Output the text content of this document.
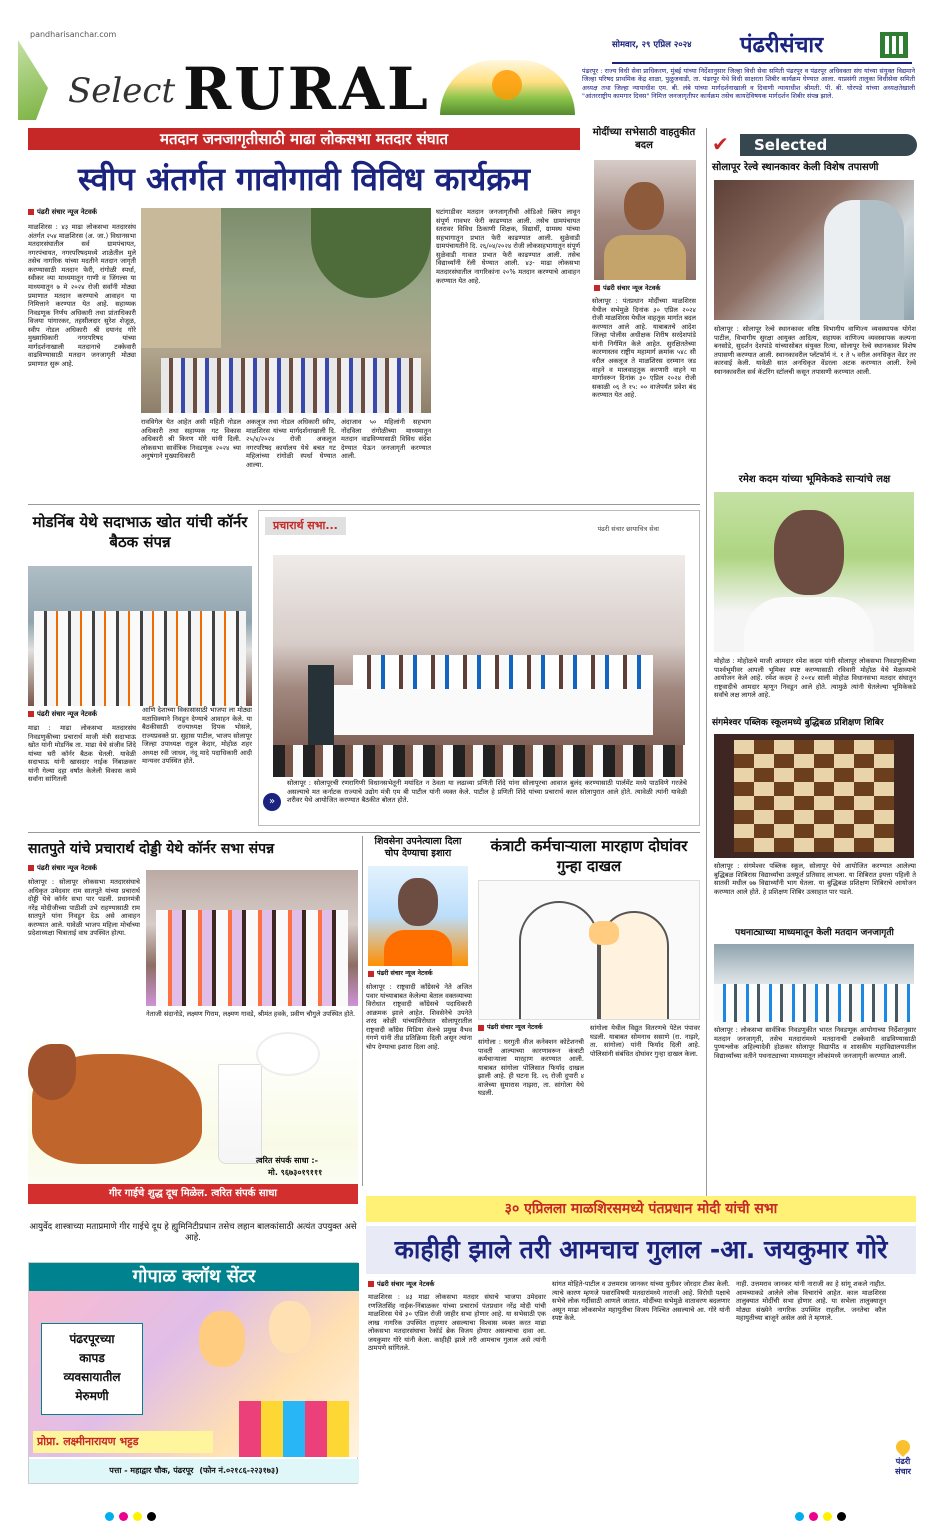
pandharisanchar.com
Select RURAL
सोमवार, २९ एप्रिल २०२४ पंढरीसंचार
पंढरपूर : राज्य विधी सेवा प्राधिकरण, मुंबई यांच्या निर्देशानुसार जिल्हा विधी सेवा समिती पंढरपूर व पंढरपूर अधिवक्ता संघ यांच्या संयुक्त विद्यमाने जिल्हा परिषद प्राथमिक केंद्र शाळा, पुळुजवाडी, ता. पंढरपूर येथे विधी साक्षरता शिबीर कार्यक्रम घेण्यात आला. याप्रसंगी तालुका विधीसेवा समिती अध्यक्ष तथा जिल्हा न्यायाधीश एम. बी. लंबे यांच्या मार्गदर्शनाखाली व दिवाणी न्यायाधीश श्रीमती. पी. बी. घोरपडे यांच्या अध्यक्षतेखाली "आंतरराष्ट्रीय कामगार दिवस" निमित्त जनजागृतीपर कार्यक्रम तसेच कायदेविषयक मार्गदर्शन शिबीर संपन्न झाले.
मतदान जनजागृतीसाठी माढा लोकसभा मतदार संघात
स्वीप अंतर्गत गावोगावी विविध कार्यक्रम
पंढरी संचार न्यूज नेटवर्क
माळशिरस : ४३ माढा लोकसभा मतदारसंघ अंतर्गत २५४ माळशिरस (अ. जा.) विधानसभा मतदारसंघातील सर्व ग्रामपंचायत, नगरपंचायत, नगरपरिषदमध्ये शाळेतील मुले तसेच नागरिक यांच्या मदतीने मतदान जागृती करण्यासाठी मतदान फेरी, रांगोळी स्पर्धा, स्वीकर व्या माध्यमातून गाणी व जिंगल्स या माध्यमातून ७ मे २०२४ रोजी सर्वांनी मोठ्या प्रमाणात मतदान करण्याचे आवाहन या निमित्ताने करण्यात येत आहे. सहाय्यक निवडणूक निर्णय अधिकारी तथा प्रांताधिकारी विजया पांगारकर, तहसीलदार सुरेश शेजूळ, स्वीप नोडल अधिकारी श्री दयानंद गोरे मुख्याधिकारी नगरपरिषद यांच्या मार्गदर्शनाखाली मतदानाचे टक्केवारी वाढविण्यासाठी मतदान जनजागृती मोठ्या प्रमाणात सुरू आहे.
रावविगेल येत आहेत असी महिती नोडल अधिकारी तथा सहाय्यक गट विकास अधिकारी श्री किरण मोरे यांनी दिली. लोकसभा सार्वत्रिक निवडणूक २०२४ च्या अनुषंगाने मुख्याधिकारी
अकलूज तथा नोडल अधिकारी स्वीप, माळशिरस यांच्या मार्गदर्शनाखाली दि. २५/४/२०२४ रोजी अकलूज नगरपरिषद कार्यालय येथे बचत गट महिलांच्या रांगोळी स्पर्धा घेण्यात आल्या.
अंदाजाव ५० महिलांनी सहभाग नोंदविला रांगोळीच्या माध्यमातून मतदान वाढविण्यासाठी विविध संदेश देण्यात येऊन जनजागृती करण्यात आली.
घटांगाडीवर मतदान जनजागृतीची ऑडिओ क्लिप लावून संपूर्ण गावभर फेरी काढण्यात आली. तसेच ग्रामपंचायत स्तरावर विविध ठिकाणी शिक्षक, विद्यार्थी, ग्रामस्थ यांच्या सहभागातून प्रभात फेरी काढण्यात आली. सुळेवाडी ग्रामपंचायतीने दि. २६/०४/२०२४ रोजी लोकसहभागातून संपूर्ण सुळेवाडी गावात प्रभात फेरी काढण्यात आली. तसेच विद्यार्थ्यांनी रॅली घेण्यात आली. ४३- माढा लोकसभा मतदारसंघातील नागरिकांना २०% मतदान करण्याचे आवाहन करण्यात येत आहे.
मोदींच्या सभेसाठी वाहतुकीत बदल
पंढरी संचार न्यूज नेटवर्क
सोलापूर : पंतप्रधान मोदींच्या माळशिरस येथील सभेमुळे दिनांक ३० एप्रिल २०२४ रोजी माळशिरस येथील वाहतूक मार्गात बदल करण्यात आले आहे. याबाबतचे आदेश जिल्हा पोलीस अधीक्षक शिरीष सरदेशपांडे यांनी निर्गमित केले आहेत. सुरक्षिततेच्या कारणास्तव राष्ट्रीय महामार्ग क्रमांक ५४८ सी वरील अकलूज ते माळशिरस दरम्यान जड वाहने व मालवाहतूक करणारी वाहने या मार्गावरून दिनांक ३० एप्रिल २०२४ रोजी सकाळी ०६ ते १५: ०० वाजेपर्यंत प्रवेश बंद करण्यात येत आहे.
✔	Selected
सोलापूर रेल्वे स्थानकावर केली विशेष तपासणी
सोलापूर : सोलापूर रेल्वे स्थानकावर वरिष्ठ विभागीय वाणिज्य व्यवस्थापक योगेश पाटील, विभागीय सुरक्षा आयुक्त आदित्य, सहायक वाणिज्य व्यवस्थापक कल्पना बनसोडे, सुदर्शन देशपांडे यांच्यासोबत संयुक्त रित्या, सोलापूर रेल्वे स्थानकावर विशेष तपासणी करण्यात आली. स्थानकावरील प्लॅटफॉर्म नं. १ ते ५ वरील अनधिकृत वेंडर तर कारवाई केली. यावेळी सात अनधिकृत वेंडरला अटक करण्यात आली. रेल्वे स्थानकावरील सर्व कॅटरिंग स्टॉलची कसून तपासणी करण्यात आली.
रमेश कदम यांच्या भूमिकेकडे साऱ्यांचे लक्ष
मोहोळ : मोहोळचे माजी आमदार रमेश कदम यांनी सोलापूर लोकसभा निवडणुकीच्या पार्श्वभूमीवर आपली भूमिका स्पष्ट करण्यासाठी रविवारी मोहोळ येथे मेळाव्याचे आयोजन केले आहे. रमेश कदम हे २०१४ साली मोहोळ विधानसभा मतदार संघातून राष्ट्रवादीचे आमदार म्हणून निवडून आले होते. त्यामुळे त्यांनी घेतलेल्या भूमिकेकडे सर्वांचे लक्ष लागले आहे.
संगमेश्वर पब्लिक स्कूलमध्ये बुद्धिबळ प्रशिक्षण शिबिर
सोलापूर : संगमेश्वर पब्लिक स्कूल, सोलापूर येथे आयोजित करण्यात आलेल्या बुद्धिबळ शिबिरास विद्यार्थ्यांचा उत्स्फूर्त प्रतिसाद लाभला. या शिबिरात इयत्ता पहिली ते सातवी मधील ७७ विद्यार्थ्यांनी भाग घेतला. या बुद्धिबळ प्रशिक्षण शिबिराचे आयोजन करण्यात आले होते. हे प्रशिक्षण शिबिर उत्साहात पार पडले.
पथनाट्याच्या माध्यमातून केली मतदान जनजागृती
सोलापूर : लोकसभा सार्वत्रिक निवडणुकीत भारत निवडणूक आयोगाच्या निर्देशानुसार मतदान जनजागृती, तसेच मतदारांमध्ये मतदानाची टक्केवारी वाढविण्यासाठी पुण्यश्लोक अहिल्यादेवी होळकर सोलापूर विद्यापीठ व शासकीय महाविद्यालयातील विद्यार्थ्यांच्या वतीने पथनाट्याच्या माध्यमातून लोकांमध्ये जनजागृती करण्यात आली.
मोडनिंब येथे सदाभाऊ खोत यांची कॉर्नर बैठक संपन्न
पंढरी संचार न्यूज नेटवर्क
माढा : माढा लोकसभा मतदारसंघ निवडणुकीच्या प्रचारार्थ माजी मंत्री सदाभाऊ खोत यांनी मोडनिंब ता. माढा येथे संजीव शिंदे यांच्या घरी कॉर्नर बैठक घेतली. यावेळी सदाभाऊ यांनी खासदार नाईक निंबाळकर यांनी गेल्या दहा वर्षांत केलेली विकास कामे सर्वांना सांगितली
आणि देशाच्या विकासासाठी भाजपा ला मोठ्या मताधिक्याने निवडून देण्याचे आवाहन केले. या बैठकीसाठी राज्याध्यक्ष दिपक भोसले, राज्यप्रवक्ते प्रा. सुहास पाटील, भाजप सोलापूर जिल्हा उपाध्यक्ष राहुल केदार, मोहोळ शहर अध्यक्ष रवी जाधव, नंदू मादे पदाधिकारी आदी मान्यवर उपस्थित होते.
प्रचारार्थ सभा...	पंढरी संचार छायाचित्र सेवा
»
सोलापूर : सोलापूरची रणरागिणी विधानसभेतूनी मयांदित न ठेवता या लढाव्या प्रणिती शिंदे यांना सोलापूरचा आवाज बुलंद करण्यासाठी पार्लमेंट मध्ये पाठविणे गरजेचे असल्याचे मत कर्नाटक राज्याचे उद्योग मंत्री एम बी पाटील यांनी व्यक्त केले. पाटील हे प्रणिती शिंदे यांच्या प्रचारार्थ काल सोलापुरात आले होते. त्यावेळी त्यांनी यावेळी शरीवर येथे आयोजित करण्यात बैठकीत बोलत होते.
सातपुते यांचे प्रचारार्थ दोड्डी येथे कॉर्नर सभा संपन्न
पंढरी संचार न्यूज नेटवर्क
सोलापूर : सोलापूर लोकसभा मतदारसंघाचे अधिकृत उमेदवार राम सातपुते यांच्या प्रचारार्थ दोड्डी येथे कॉर्नर सभा पार पडली. प्रधानमंत्री नरेंद्र मोदीजीच्या पाठीशी उभे राहण्यासाठी राम सातपुते यांना निवडून देऊ असे आवाहन करण्यात आले. यावेळी भाजप महिला मोर्चाच्या प्रदेशाध्यक्षा चित्राताई वाघ उपस्थित होत्या.
नेताजी संदानोडे, लक्ष्मण गिराम, लक्ष्मण गावडे, श्रीमंत हवके, प्रवीण चौगुले उपस्थित होते.
त्वरित संपर्क साधा :-
मो. ९६७३०१९१११
गीर गाईचे शुद्ध दूध मिळेल. त्वरित संपर्क साधा
आयुर्वेद शास्त्राच्या मताप्रमाणे गीर गाईचे दूध हे ह्युमिनिटीप्रधान तसेच लहान बालकांसाठी अत्यंत उपयुक्त असे आहे.
गोपाळ क्लॉथ सेंटर
पंढरपूरच्या
कापड
व्यवसायातील
मेरुमणी
प्रोप्रा. लक्ष्मीनारायण भट्टड
पत्ता - महाद्वार चौक, पंढरपूर (फोन नं.०२१८६-२२३१७३)
शिवसेना उपनेत्याला दिला चोप देण्याचा इशारा
पंढरी संचार न्यूज नेटवर्क
सोलापूर : राष्ट्रवादी काँग्रेसचे नेते अजित पवार यांच्याबाबत केलेल्या बेताल वक्तव्याच्या विरोधात राष्ट्रवादी काँग्रेसचे पदाधिकारी आक्रमक झाले आहेत. शिवसेनेचे उपनेते शरद कोळी यांच्याविरोधात सोलापूरातील राष्ट्रवादी काँग्रेस मिडिया सेलचे प्रमुख वैभव गंगणे यांनी तीव्र प्रतिक्रिया दिली असून त्यांना चोप देण्याचा इशारा दिला आहे.
कंत्राटी कर्मचाऱ्याला मारहाण दोघांवर गुन्हा दाखल
पंढरी संचार न्यूज नेटवर्क
सांगोला : घरगुती वीज कनेक्शन कोटेशनची पावती आल्याच्या कारणावरून कंत्राटी कर्मचाऱ्याला मारहाण करण्यात आली. याबाबत सांगोला पोलिसात फिर्याद दाखल झाली आहे. ही घटना दि. २६ रोजी दुपारी ४ वाजेच्या सुमारास नाझरा, ता. सांगोला येथे घडली.
सांगोला येथील विद्युत वितरणचे पेटेल पंपावर घडली. याबाबत सोमनाथ ससाणे (रा. नाझरे, ता. सांगोला) यांनी फिर्याद दिली आहे. पोलिसांनी संबंधित दोघांवर गुन्हा दाखल केला.
३० एप्रिलला माळशिरसमध्ये पंतप्रधान मोदी यांची सभा
काहीही झाले तरी आमचाच गुलाल -आ. जयकुमार गोरे
पंढरी संचार न्यूज नेटवर्क
माळशिरस : ४३ माढा लोकसभा मतदार संघाचे भाजपा उमेदवार रणजितसिंह नाईक-निंबाळकर यांच्या प्रचारार्थ पंतप्रधान नरेंद्र मोदी यांची माळशिरस येथे ३० एप्रिल रोजी जाहीर सभा होणार आहे. या सभेसाठी एक लाख नागरिक उपस्थित राहणार असल्याचा विश्वास व्यक्त करत माढा लोकसभा मतदारसंघाचा रेकॉर्ड ब्रेक विजय होणार असल्याचा दावा आ. जयकुमार गोरे यांनी केला. काहीही झाले तरी आमचाच गुलाल असे त्यांनी ठामपणे सांगितले.
सांगत मोहिते-पाटील व उत्तमराव जानकर यांच्या युतीवर जोरदार टीका केली. त्याचे कारण म्हणजे पवारांविषयी मतदारांमध्ये नाराजी आहे. विरोधी पक्षाचे सभेचे लोक गर्दीसाठी आणले जातात. मोदींच्या सभेमुळे वातावरण बदलणार असून माढा लोकसभेत महायुतीचा विजय निश्चित असल्याचे आ. गोरे यांनी स्पष्ट केले.
नाही. उत्तमराव जानकर यांनी नाराजी का हे सांगू शकले नाहीत. आमच्याकडे आलेले लोक विचारांचे आहेत. काल माळशिरस तालुक्यात मोदींची सभा होणार आहे. या सभेला तालुक्यातून मोठ्या संख्येने नागरिक उपस्थित राहतील. जनतेचा कौल महायुतीच्या बाजूने असेल असे ते म्हणाले.
पंढरी
संचार
